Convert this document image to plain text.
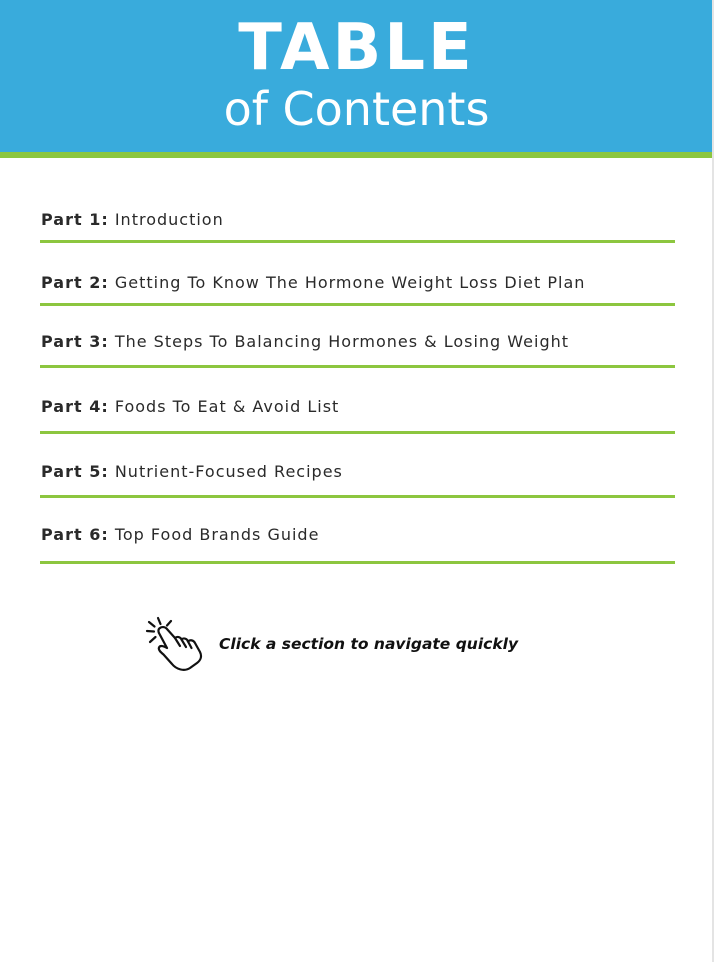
TABLE
of Contents
Part 1: Introduction
Part 2: Getting To Know The Hormone Weight Loss Diet Plan
Part 3: The Steps To Balancing Hormones & Losing Weight
Part 4: Foods To Eat & Avoid List
Part 5: Nutrient-Focused Recipes
Part 6: Top Food Brands Guide
Click a section to navigate quickly
